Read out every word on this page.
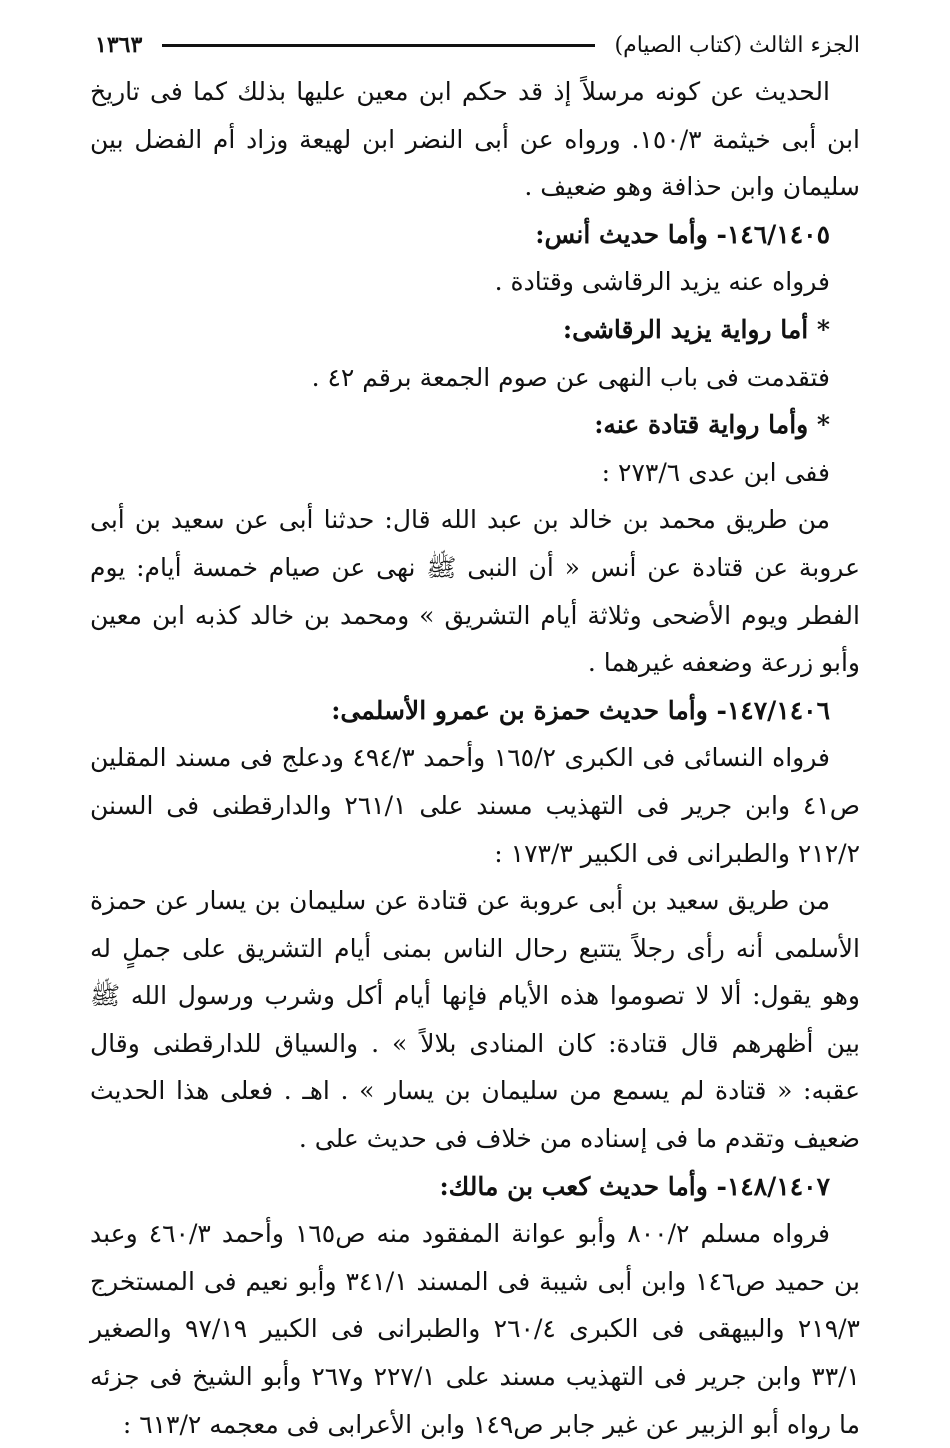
الجزء الثالث (كتاب الصيام)
١٣٦٣

الحديث عن كونه مرسلاً إذ قد حكم ابن معين عليها بذلك كما فى تاريخ ابن أبى خيثمة ١٥٠/٣. ورواه عن أبى النضر ابن لهيعة وزاد أم الفضل بين سليمان وابن حذافة وهو ضعيف .

١٤٦/١٤٠٥- وأما حديث أنس:

فرواه عنه يزيد الرقاشى وقتادة .

* أما رواية يزيد الرقاشى:

فتقدمت فى باب النهى عن صوم الجمعة برقم ٤٢ .

* وأما رواية قتادة عنه:

ففى ابن عدى ٢٧٣/٦ :

من طريق محمد بن خالد بن عبد الله قال: حدثنا أبى عن سعيد بن أبى عروبة عن قتادة عن أنس « أن النبى ﷺ نهى عن صيام خمسة أيام: يوم الفطر ويوم الأضحى وثلاثة أيام التشريق » ومحمد بن خالد كذبه ابن معين وأبو زرعة وضعفه غيرهما .

١٤٧/١٤٠٦- وأما حديث حمزة بن عمرو الأسلمى:

فرواه النسائى فى الكبرى ١٦٥/٢ وأحمد ٤٩٤/٣ ودعلج فى مسند المقلين ص٤١ وابن جرير فى التهذيب مسند على ٢٦١/١ والدارقطنى فى السنن ٢١٢/٢ والطبرانى فى الكبير ١٧٣/٣ :

من طريق سعيد بن أبى عروبة عن قتادة عن سليمان بن يسار عن حمزة الأسلمى أنه رأى رجلاً يتتبع رحال الناس بمنى أيام التشريق على جملٍ له وهو يقول: ألا لا تصوموا هذه الأيام فإنها أيام أكل وشرب ورسول الله ﷺ بين أظهرهم قال قتادة: كان المنادى بلالاً » . والسياق للدارقطنى وقال عقبه: « قتادة لم يسمع من سليمان بن يسار » . اهـ . فعلى هذا الحديث ضعيف وتقدم ما فى إسناده من خلاف فى حديث على .

١٤٨/١٤٠٧- وأما حديث كعب بن مالك:

فرواه مسلم ٨٠٠/٢ وأبو عوانة المفقود منه ص١٦٥ وأحمد ٤٦٠/٣ وعبد بن حميد ص١٤٦ وابن أبى شيبة فى المسند ٣٤١/١ وأبو نعيم فى المستخرج ٢١٩/٣ والبيهقى فى الكبرى ٢٦٠/٤ والطبرانى فى الكبير ٩٧/١٩ والصغير ٣٣/١ وابن جرير فى التهذيب مسند على ٢٢٧/١ و٢٦٧ وأبو الشيخ فى جزئه ما رواه أبو الزبير عن غير جابر ص١٤٩ وابن الأعرابى فى معجمه ٦١٣/٢ :
